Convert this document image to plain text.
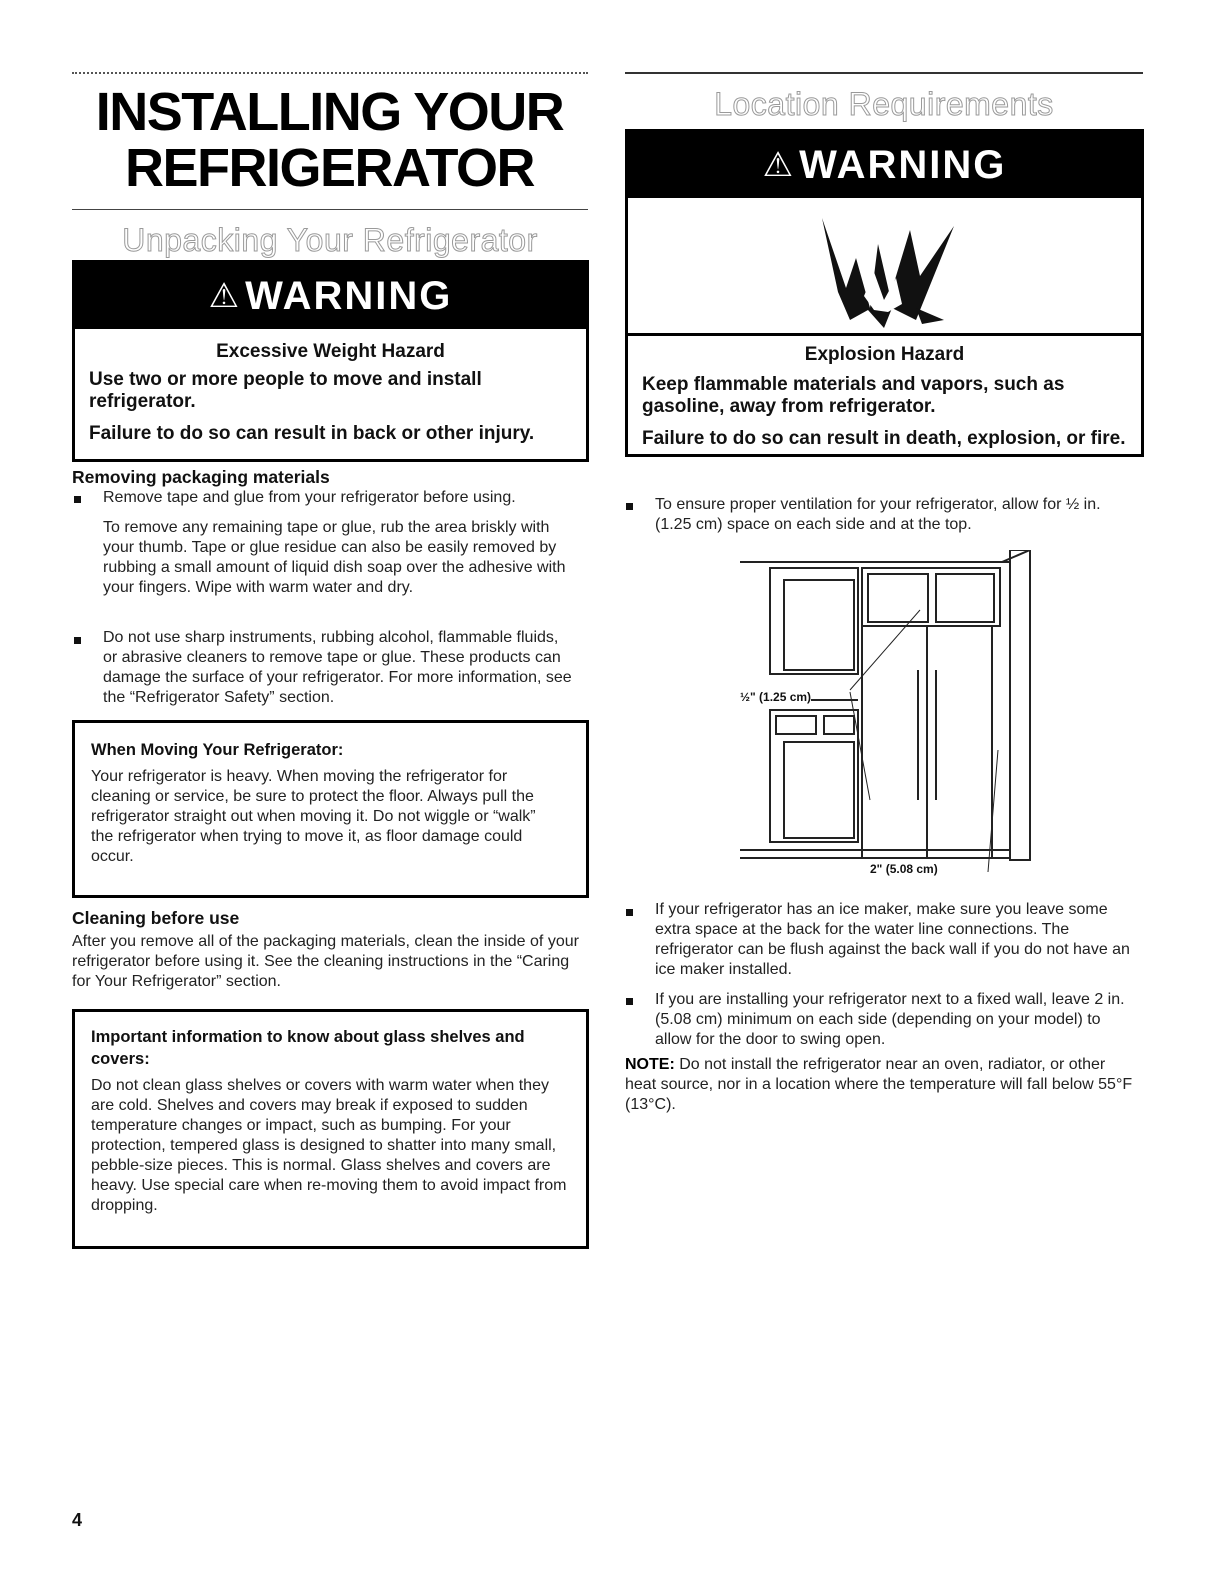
INSTALLING YOUR
REFRIGERATOR
Unpacking Your Refrigerator
⚠ WARNING
Excessive Weight Hazard
Use two or more people to move and install refrigerator.
Failure to do so can result in back or other injury.
Removing packaging materials
Remove tape and glue from your refrigerator before using.
To remove any remaining tape or glue, rub the area briskly with your thumb. Tape or glue residue can also be easily removed by rubbing a small amount of liquid dish soap over the adhesive with your fingers. Wipe with warm water and dry.
Do not use sharp instruments, rubbing alcohol, flammable fluids, or abrasive cleaners to remove tape or glue. These products can damage the surface of your refrigerator. For more information, see the “Refrigerator Safety” section.
When Moving Your Refrigerator:
Your refrigerator is heavy. When moving the refrigerator for cleaning or service, be sure to protect the floor. Always pull the refrigerator straight out when moving it. Do not wiggle or “walk” the refrigerator when trying to move it, as floor damage could occur.
Cleaning before use
After you remove all of the packaging materials, clean the inside of your refrigerator before using it. See the cleaning instructions in the “Caring for Your Refrigerator” section.
Important information to know about glass shelves and covers:
Do not clean glass shelves or covers with warm water when they are cold. Shelves and covers may break if exposed to sudden temperature changes or impact, such as bumping. For your protection, tempered glass is designed to shatter into many small, pebble-size pieces. This is normal. Glass shelves and covers are heavy. Use special care when re-moving them to avoid impact from dropping.
Location Requirements
⚠ WARNING
Explosion Hazard
Keep flammable materials and vapors, such as gasoline, away from refrigerator.
Failure to do so can result in death, explosion, or fire.
To ensure proper ventilation for your refrigerator, allow for ½ in. (1.25 cm) space on each side and at the top.
½" (1.25 cm)
2" (5.08 cm)
If your refrigerator has an ice maker, make sure you leave some extra space at the back for the water line connections. The refrigerator can be flush against the back wall if you do not have an ice maker installed.
If you are installing your refrigerator next to a fixed wall, leave 2 in. (5.08 cm) minimum on each side (depending on your model) to allow for the door to swing open.
NOTE: Do not install the refrigerator near an oven, radiator, or other heat source, nor in a location where the temperature will fall below 55°F (13°C).
4
